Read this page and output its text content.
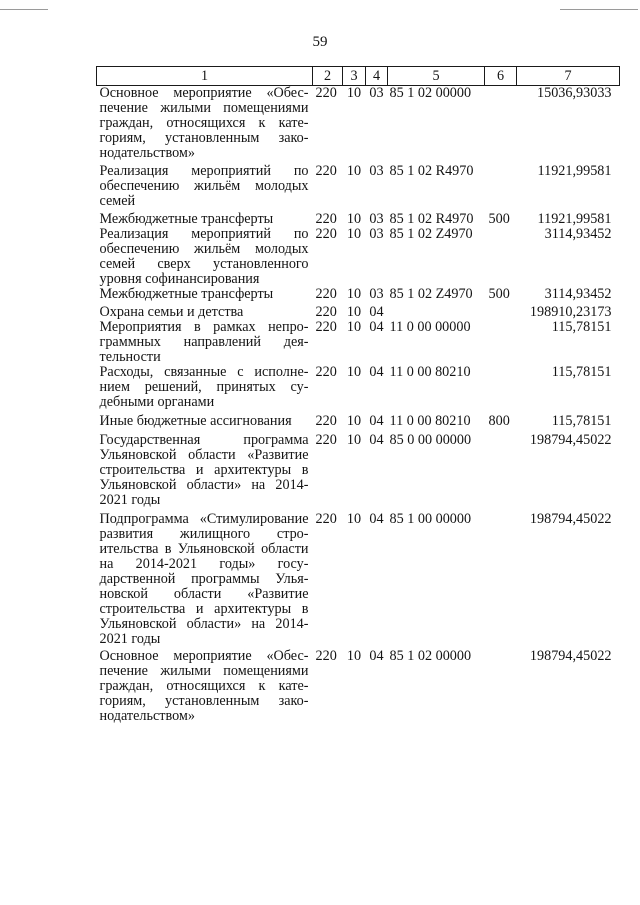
59
1	2	3	4	5	6	7
Основное мероприятие «Обеспечение жилыми помещениями граждан, относящихся к категориям, установленным законодательством»	220	10	03	85 1 02 00000		15036,93033
Реализация мероприятий по обеспечению жильём молодых семей	220	10	03	85 1 02 R4970		11921,99581
Межбюджетные трансферты	220	10	03	85 1 02 R4970	500	11921,99581
Реализация мероприятий по обеспечению жильём молодых семей сверх установленного уровня софинансирования	220	10	03	85 1 02 Z4970		3114,93452
Межбюджетные трансферты	220	10	03	85 1 02 Z4970	500	3114,93452
Охрана семьи и детства	220	10	04			198910,23173
Мероприятия в рамках непрограммных направлений деятельности	220	10	04	11 0 00 00000		115,78151
Расходы, связанные с исполнением решений, принятых судебными органами	220	10	04	11 0 00 80210		115,78151
Иные бюджетные ассигнования	220	10	04	11 0 00 80210	800	115,78151
Государственная программа Ульяновской области «Развитие строительства и архитектуры в Ульяновской области» на 2014-2021 годы	220	10	04	85 0 00 00000		198794,45022
Подпрограмма «Стимулирование развития жилищного строительства в Ульяновской области на 2014-2021 годы» государственной программы Ульяновской области «Развитие строительства и архитектуры в Ульяновской области» на 2014-2021 годы	220	10	04	85 1 00 00000		198794,45022
Основное мероприятие «Обеспечение жилыми помещениями граждан, относящихся к категориям, установленным законодательством»	220	10	04	85 1 02 00000		198794,45022
